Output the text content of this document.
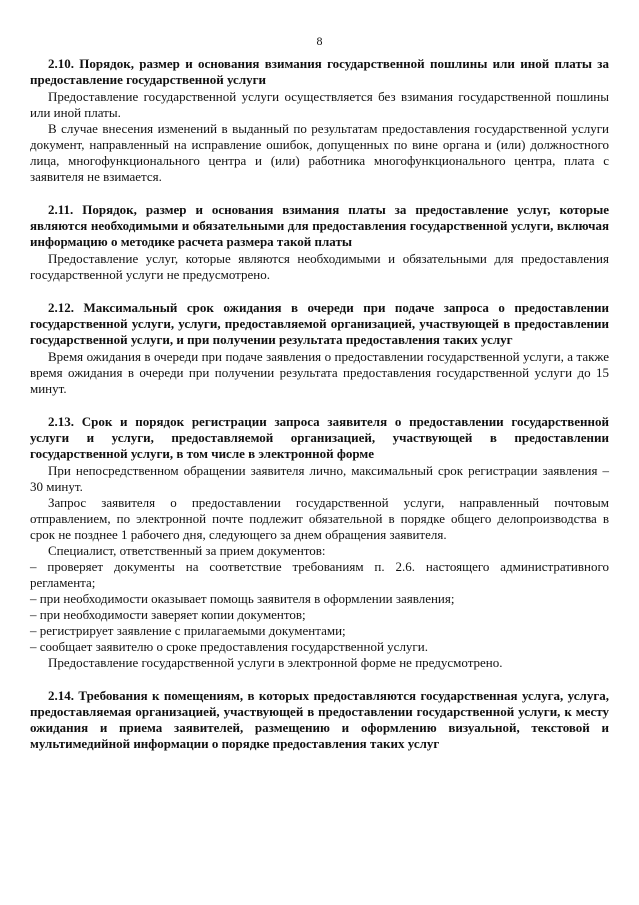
8

2.10. Порядок, размер и основания взимания государственной пошлины или иной платы за предоставление государственной услуги

Предоставление государственной услуги осуществляется без взимания государственной пошлины или иной платы.

В случае внесения изменений в выданный по результатам предоставления государственной услуги документ, направленный на исправление ошибок, допущенных по вине органа и (или) должностного лица, многофункционального центра и (или) работника многофункционального центра, плата с заявителя не взимается.

2.11. Порядок, размер и основания взимания платы за предоставление услуг, которые являются необходимыми и обязательными для предоставления государственной услуги, включая информацию о методике расчета размера такой платы

Предоставление услуг, которые являются необходимыми и обязательными для предоставления государственной услуги не предусмотрено.

2.12. Максимальный срок ожидания в очереди при подаче запроса о предоставлении государственной услуги, услуги, предоставляемой организацией, участвующей в предоставлении государственной услуги, и при получении результата предоставления таких услуг

Время ожидания в очереди при подаче заявления о предоставлении государственной услуги, а также время ожидания в очереди при получении результата предоставления государственной услуги до 15 минут.

2.13. Срок и порядок регистрации запроса заявителя о предоставлении государственной услуги и услуги, предоставляемой организацией, участвующей в предоставлении государственной услуги, в том числе в электронной форме

При непосредственном обращении заявителя лично, максимальный срок регистрации заявления – 30 минут.

Запрос заявителя о предоставлении государственной услуги, направленный почтовым отправлением, по электронной почте подлежит обязательной в порядке общего делопроизводства в срок не позднее 1 рабочего дня, следующего за днем обращения заявителя.

Специалист, ответственный за прием документов:

– проверяет документы на соответствие требованиям п. 2.6. настоящего административного регламента;

– при необходимости оказывает помощь заявителя в оформлении заявления;

– при необходимости заверяет копии документов;

– регистрирует заявление с прилагаемыми документами;

– сообщает заявителю о сроке предоставления государственной услуги.

Предоставление государственной услуги в электронной форме не предусмотрено.

2.14. Требования к помещениям, в которых предоставляются государственная услуга, услуга, предоставляемая организацией, участвующей в предоставлении государственной услуги, к месту ожидания и приема заявителей, размещению и оформлению визуальной, текстовой и мультимедийной информации о порядке предоставления таких услуг
